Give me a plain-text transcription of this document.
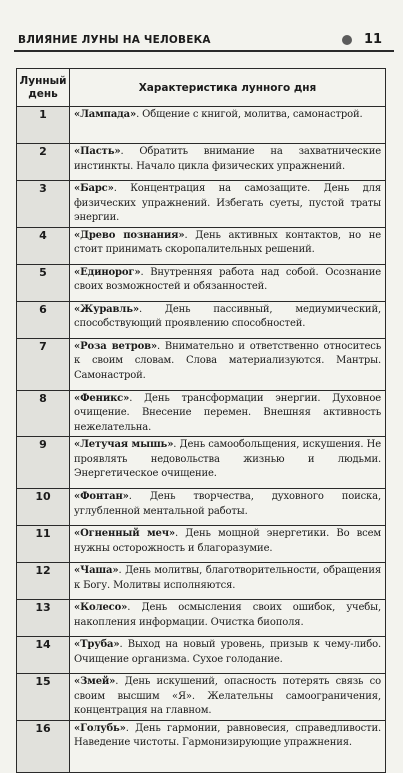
ВЛИЯНИЕ ЛУНЫ НА ЧЕЛОВЕКА	11
Лунный день	Характеристика лунного дня
1	«Лампада». Общение с книгой, молитва, самонастрой.
2	«Пасть». Обратить внимание на захватнические инстинкты. Начало цикла физических упражнений.
3	«Барс». Концентрация на самозащите. День для физических упражнений. Избегать суеты, пустой траты энергии.
4	«Древо познания». День активных контактов, но не стоит принимать скоропалительных решений.
5	«Единорог». Внутренняя работа над собой. Осознание своих возможностей и обязанностей.
6	«Журавль». День пассивный, медиумический, способствующий проявлению способностей.
7	«Роза ветров». Внимательно и ответственно относитесь к своим словам. Слова материализуются. Мантры. Самонастрой.
8	«Феникс». День трансформации энергии. Духовное очищение. Внесение перемен. Внешняя активность нежелательна.
9	«Летучая мышь». День самообольщения, искушения. Не проявлять недовольства жизнью и людьми. Энергетическое очищение.
10	«Фонтан». День творчества, духовного поиска, углубленной ментальной работы.
11	«Огненный меч». День мощной энергетики. Во всем нужны осторожность и благоразумие.
12	«Чаша». День молитвы, благотворительности, обращения к Богу. Молитвы исполняются.
13	«Колесо». День осмысления своих ошибок, учебы, накопления информации. Очистка биополя.
14	«Труба». Выход на новый уровень, призыв к чему-либо. Очищение организма. Сухое голодание.
15	«Змей». День искушений, опасность потерять связь со своим высшим «Я». Желательны самоограничения, концентрация на главном.
16	«Голубь». День гармонии, равновесия, справедливости. Наведение чистоты. Гармонизирующие упражнения.
